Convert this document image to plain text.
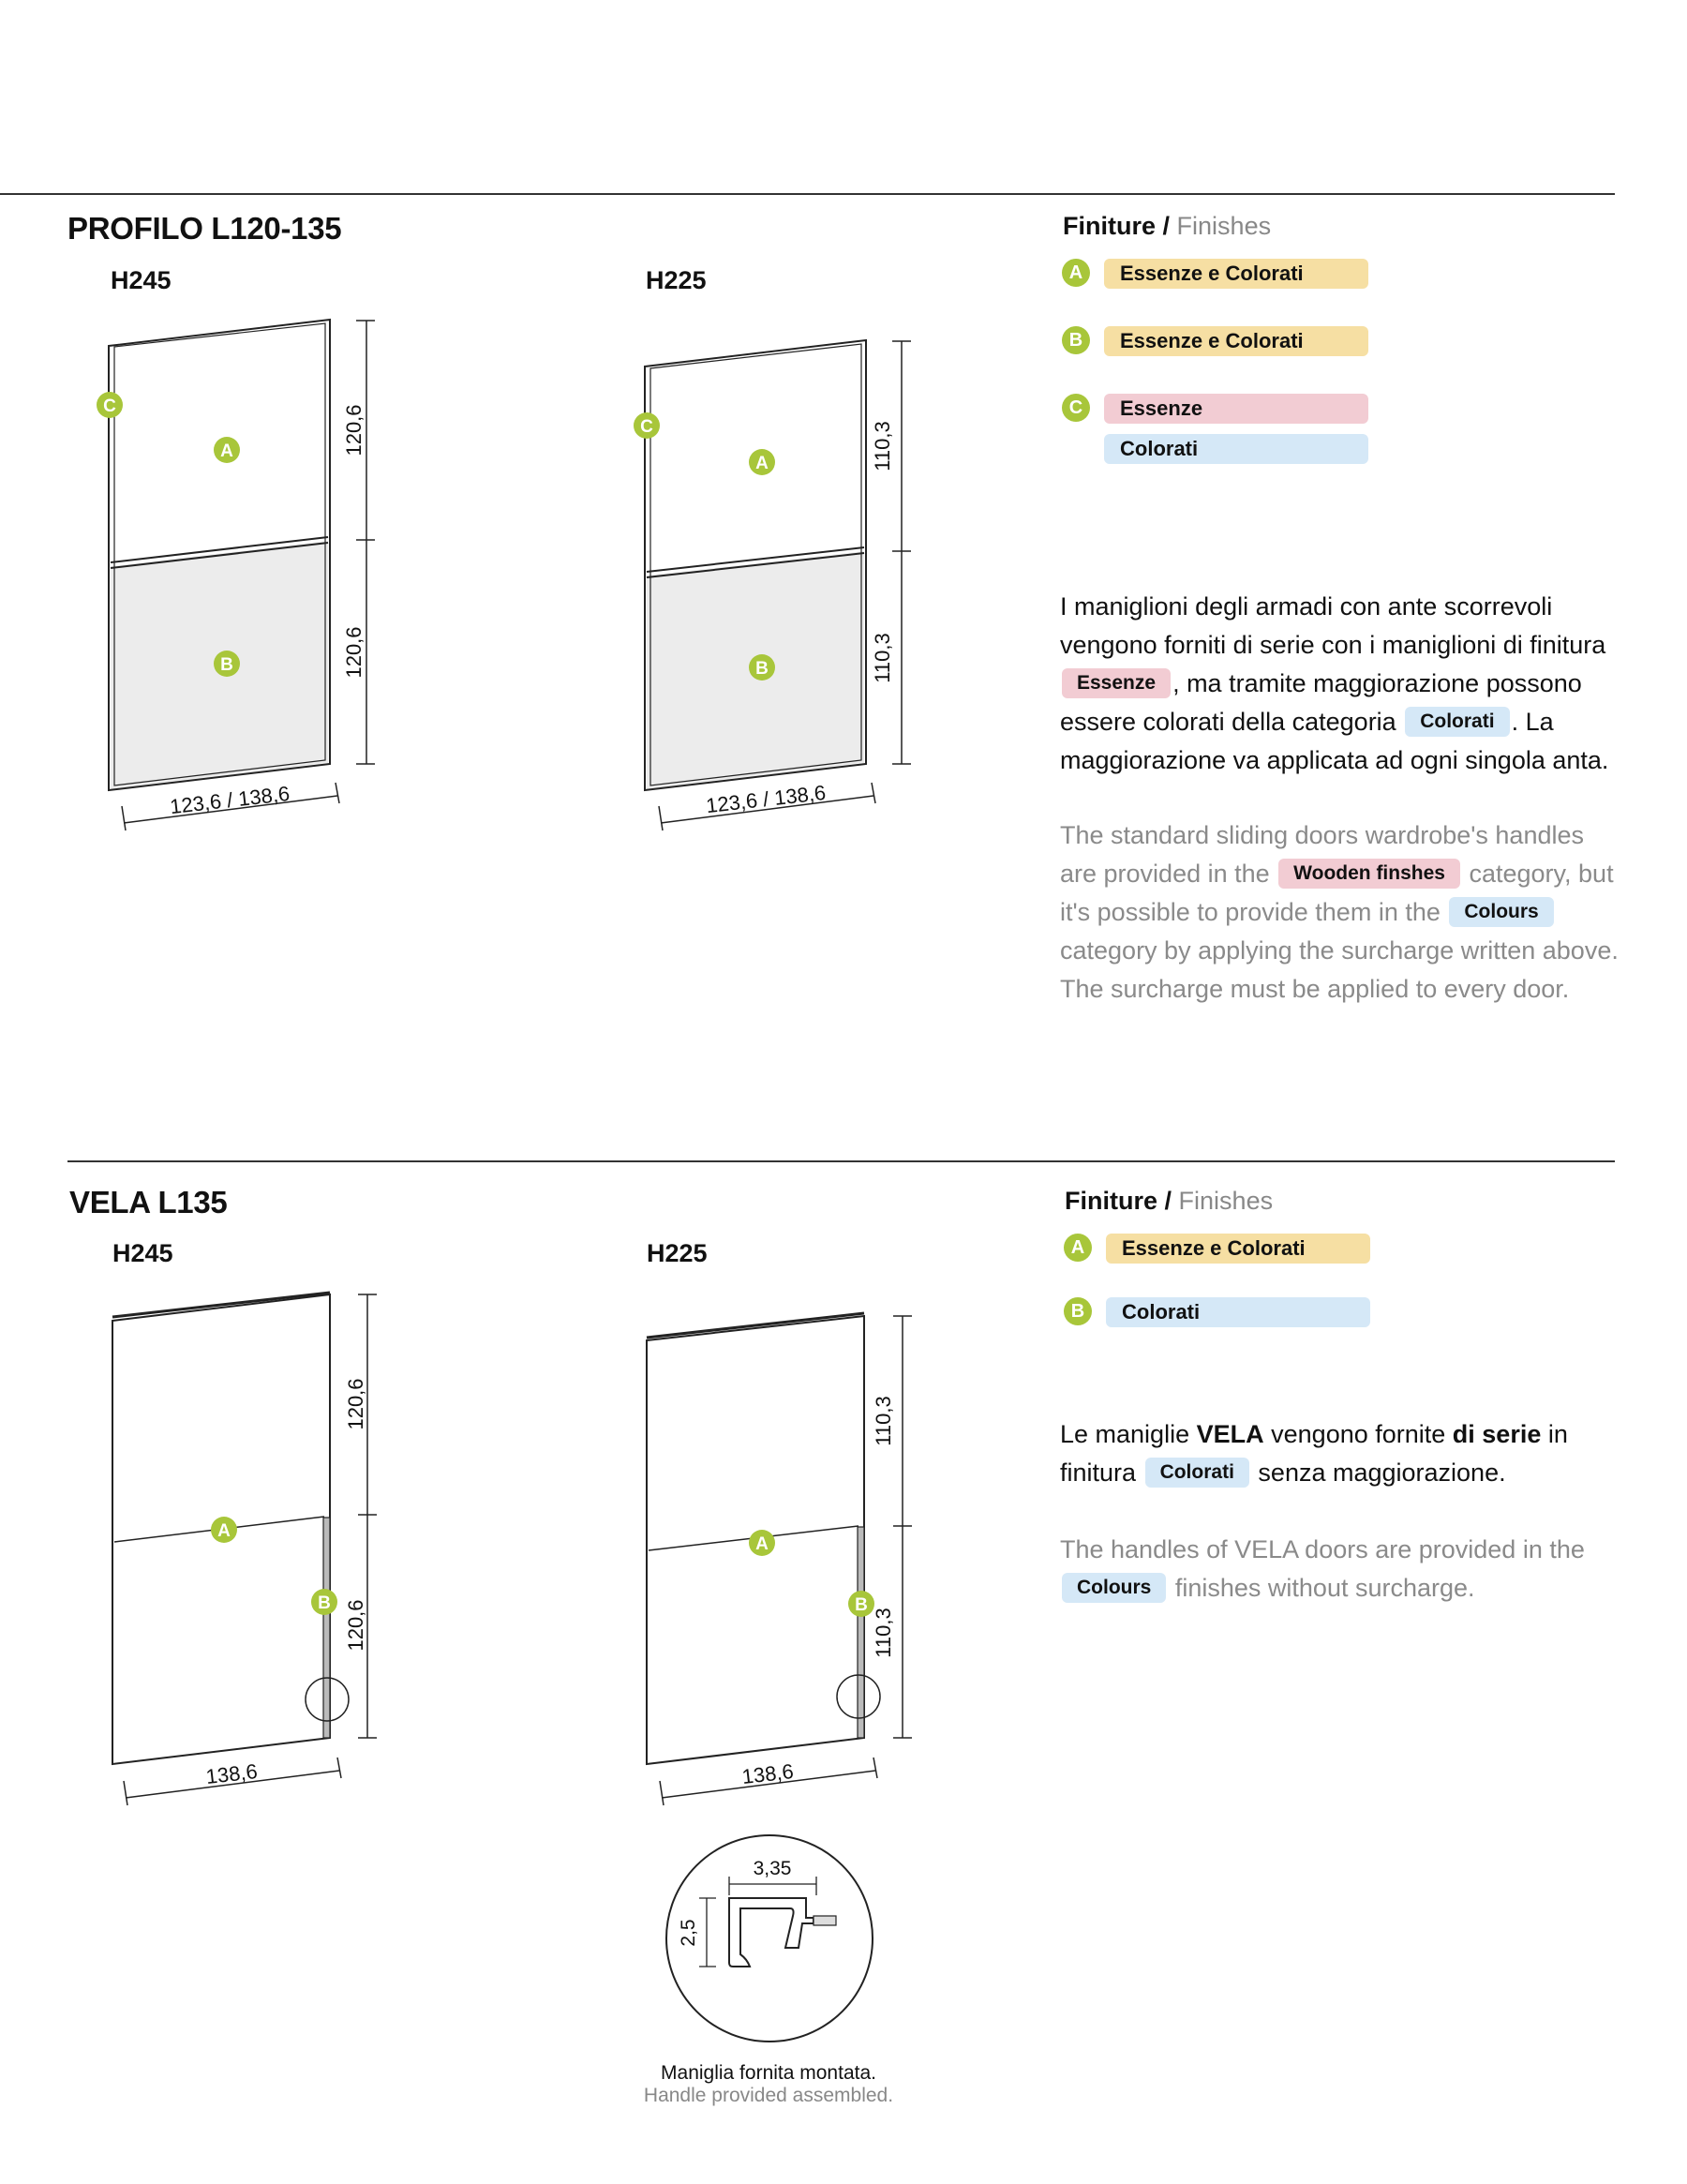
PROFILO L120-135
H245	H225
120,6
120,6
123,6 / 138,6
110,3
110,3
123,6 / 138,6
C
A
B
C
A
B
Finiture / Finishes
A	Essenze e Colorati
B	Essenze e Colorati
C	Essenze
Colorati
I maniglioni degli armadi con ante scorrevoli vengono forniti di serie con i maniglioni di finitura Essenze , ma tramite maggiorazione possono essere colorati della categoria Colorati . La maggiorazione va applicata ad ogni singola anta.
The standard sliding doors wardrobe's handles are provided in the Wooden finshes category, but it's possible to provide them in the Colours category by applying the surcharge written above. The surcharge must be applied to every door.
VELA L135
H245	H225
120,6
120,6
138,6
110,3
110,3
138,6
A
B
A
B
3,35
2,5
Maniglia fornita montata.
Handle provided assembled.
Finiture / Finishes
A	Essenze e Colorati
B	Colorati
Le maniglie VELA vengono fornite di serie in finitura Colorati senza maggiorazione.
The handles of VELA doors are provided in the Colours finishes without surcharge.
